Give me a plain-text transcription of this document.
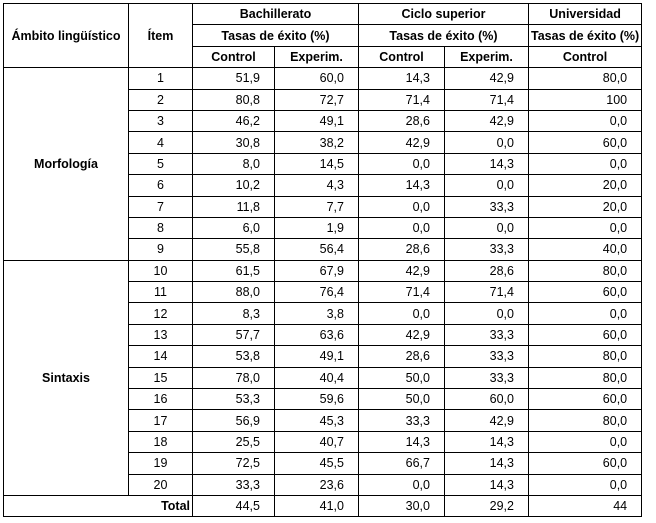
Ámbito lingüístico	Ítem	Bachillerato		Ciclo superior		Universidad
		Tasas de éxito (%)		Tasas de éxito (%)		Tasas de éxito (%)
		Control	Experim.	Control	Experim.	Control
Morfología	1	51,9	60,0	14,3	42,9	80,0
	2	80,8	72,7	71,4	71,4	100
	3	46,2	49,1	28,6	42,9	0,0
	4	30,8	38,2	42,9	0,0	60,0
	5	8,0	14,5	0,0	14,3	0,0
	6	10,2	4,3	14,3	0,0	20,0
	7	11,8	7,7	0,0	33,3	20,0
	8	6,0	1,9	0,0	0,0	0,0
	9	55,8	56,4	28,6	33,3	40,0
Sintaxis	10	61,5	67,9	42,9	28,6	80,0
	11	88,0	76,4	71,4	71,4	60,0
	12	8,3	3,8	0,0	0,0	0,0
	13	57,7	63,6	42,9	33,3	60,0
	14	53,8	49,1	28,6	33,3	80,0
	15	78,0	40,4	50,0	33,3	80,0
	16	53,3	59,6	50,0	60,0	60,0
	17	56,9	45,3	33,3	42,9	80,0
	18	25,5	40,7	14,3	14,3	0,0
	19	72,5	45,5	66,7	14,3	60,0
	20	33,3	23,6	0,0	14,3	0,0
Total		44,5	41,0	30,0	29,2	44
